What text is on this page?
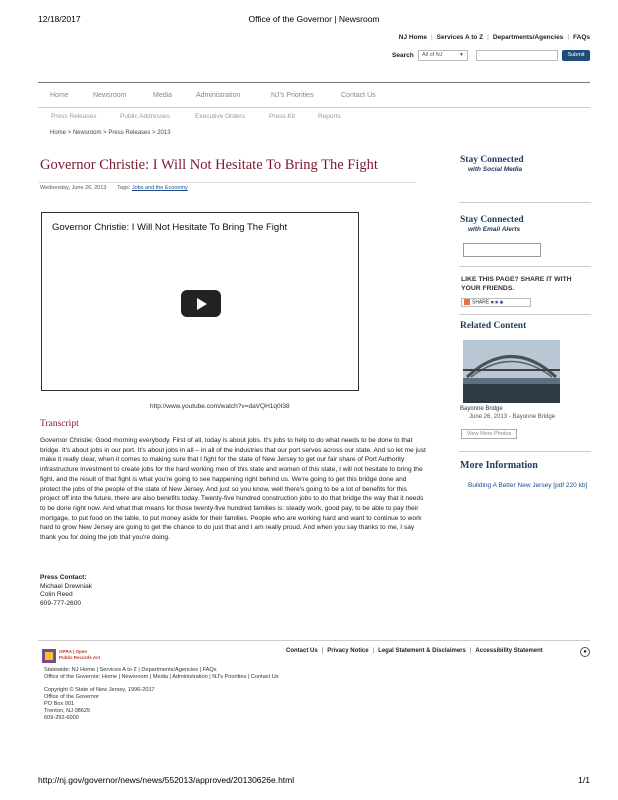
12/18/2017	Office of the Governor | Newsroom
NJ Home | Services A to Z | Departments/Agencies | FAQs
Search	All of NJ	▼	Submit
Home	Newsroom	Media	Administration	NJ's Priorities	Contact Us
Press Releases	Public Addresses	Executive Orders	Press Kit	Reports
Home > Newsroom > Press Releases > 2013
Governor Christie: I Will Not Hesitate To Bring The Fight
Wednesday, June 26, 2013 Tags: Jobs and the Economy
Governor Christie: I Will Not Hesitate To Bring The Fight
http://www.youtube.com/watch?v=daVQH1q0I38
Transcript
Governor Christie: Good morning everybody. First of all, today is about jobs. It's jobs to help to do what needs to be done to that bridge. It's about jobs in our port. It's about jobs in all – in all of the industries that our port serves across our state. And so let me just make it really clear, when it comes to making sure that I fight for the state of New Jersey to get our fair share of Port Authority infrastructure investment to create jobs for the hard working men of this state and women of this state, I will not hesitate to bring the fight, and the result of that fight is what you're going to see happening right behind us. We're going to get this bridge done and protect the jobs of the people of the state of New Jersey. And just so you know, well there's going to be a lot of benefits for this project off into the future, there are also benefits today. Twenty-five hundred construction jobs to do that bridge the way that it needs to be done right now. And what that means for those twenty-five hundred families is: steady work, good pay, to be able to pay their mortgage, to put food on the table, to put money aside for their families. People who are working hard and want to continue to work hard to grow New Jersey are going to get the chance to do just that and I am really proud. And when you say thanks to me, I say thank you for doing the job that you're doing.
Press Contact:
Michael Drewniak
Colin Reed
609-777-2600
Stay Connected
with Social Media
Stay Connected
with Email Alerts
LIKE THIS PAGE? SHARE IT WITH YOUR FRIENDS.
SHARE ■ ■ ◆
Related Content
Bayonne Bridge
June 26, 2013 - Bayonne Bridge
View More Photos
More Information
Building A Better New Jersey [pdf 220 kb]
OPRA | Open
Public Records Act
Contact Us | Privacy Notice | Legal Statement & Disclaimers | Accessibility Statement	●
Statewide: NJ Home | Services A to Z | Departments/Agencies | FAQs
Office of the Governor: Home | Newsroom | Media | Administration | NJ's Priorities | Contact Us
Copyright © State of New Jersey, 1996-2017
Office of the Governor
PO Box 001
Trenton, NJ 08625
609-292-6000
http://nj.gov/governor/news/news/552013/approved/20130626e.html	1/1
